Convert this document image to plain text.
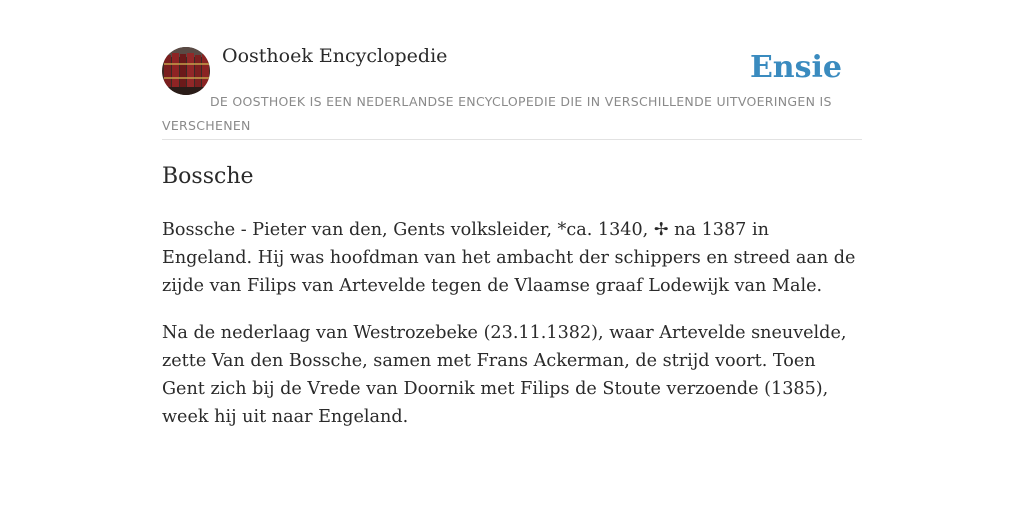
Oosthoek Encyclopedie	Ensie
DE OOSTHOEK IS EEN NEDERLANDSE ENCYCLOPEDIE DIE IN VERSCHILLENDE UITVOERINGEN IS VERSCHENEN
Bossche

Bossche - Pieter van den, Gents volksleider, *ca. 1340, ✢ na 1387 in Engeland. Hij was hoofdman van het ambacht der schippers en streed aan de zijde van Filips van Artevelde tegen de Vlaamse graaf Lodewijk van Male.

Na de nederlaag van Westrozebeke (23.11.1382), waar Artevelde sneuvelde, zette Van den Bossche, samen met Frans Ackerman, de strijd voort. Toen Gent zich bij de Vrede van Doornik met Filips de Stoute verzoende (1385), week hij uit naar Engeland.
